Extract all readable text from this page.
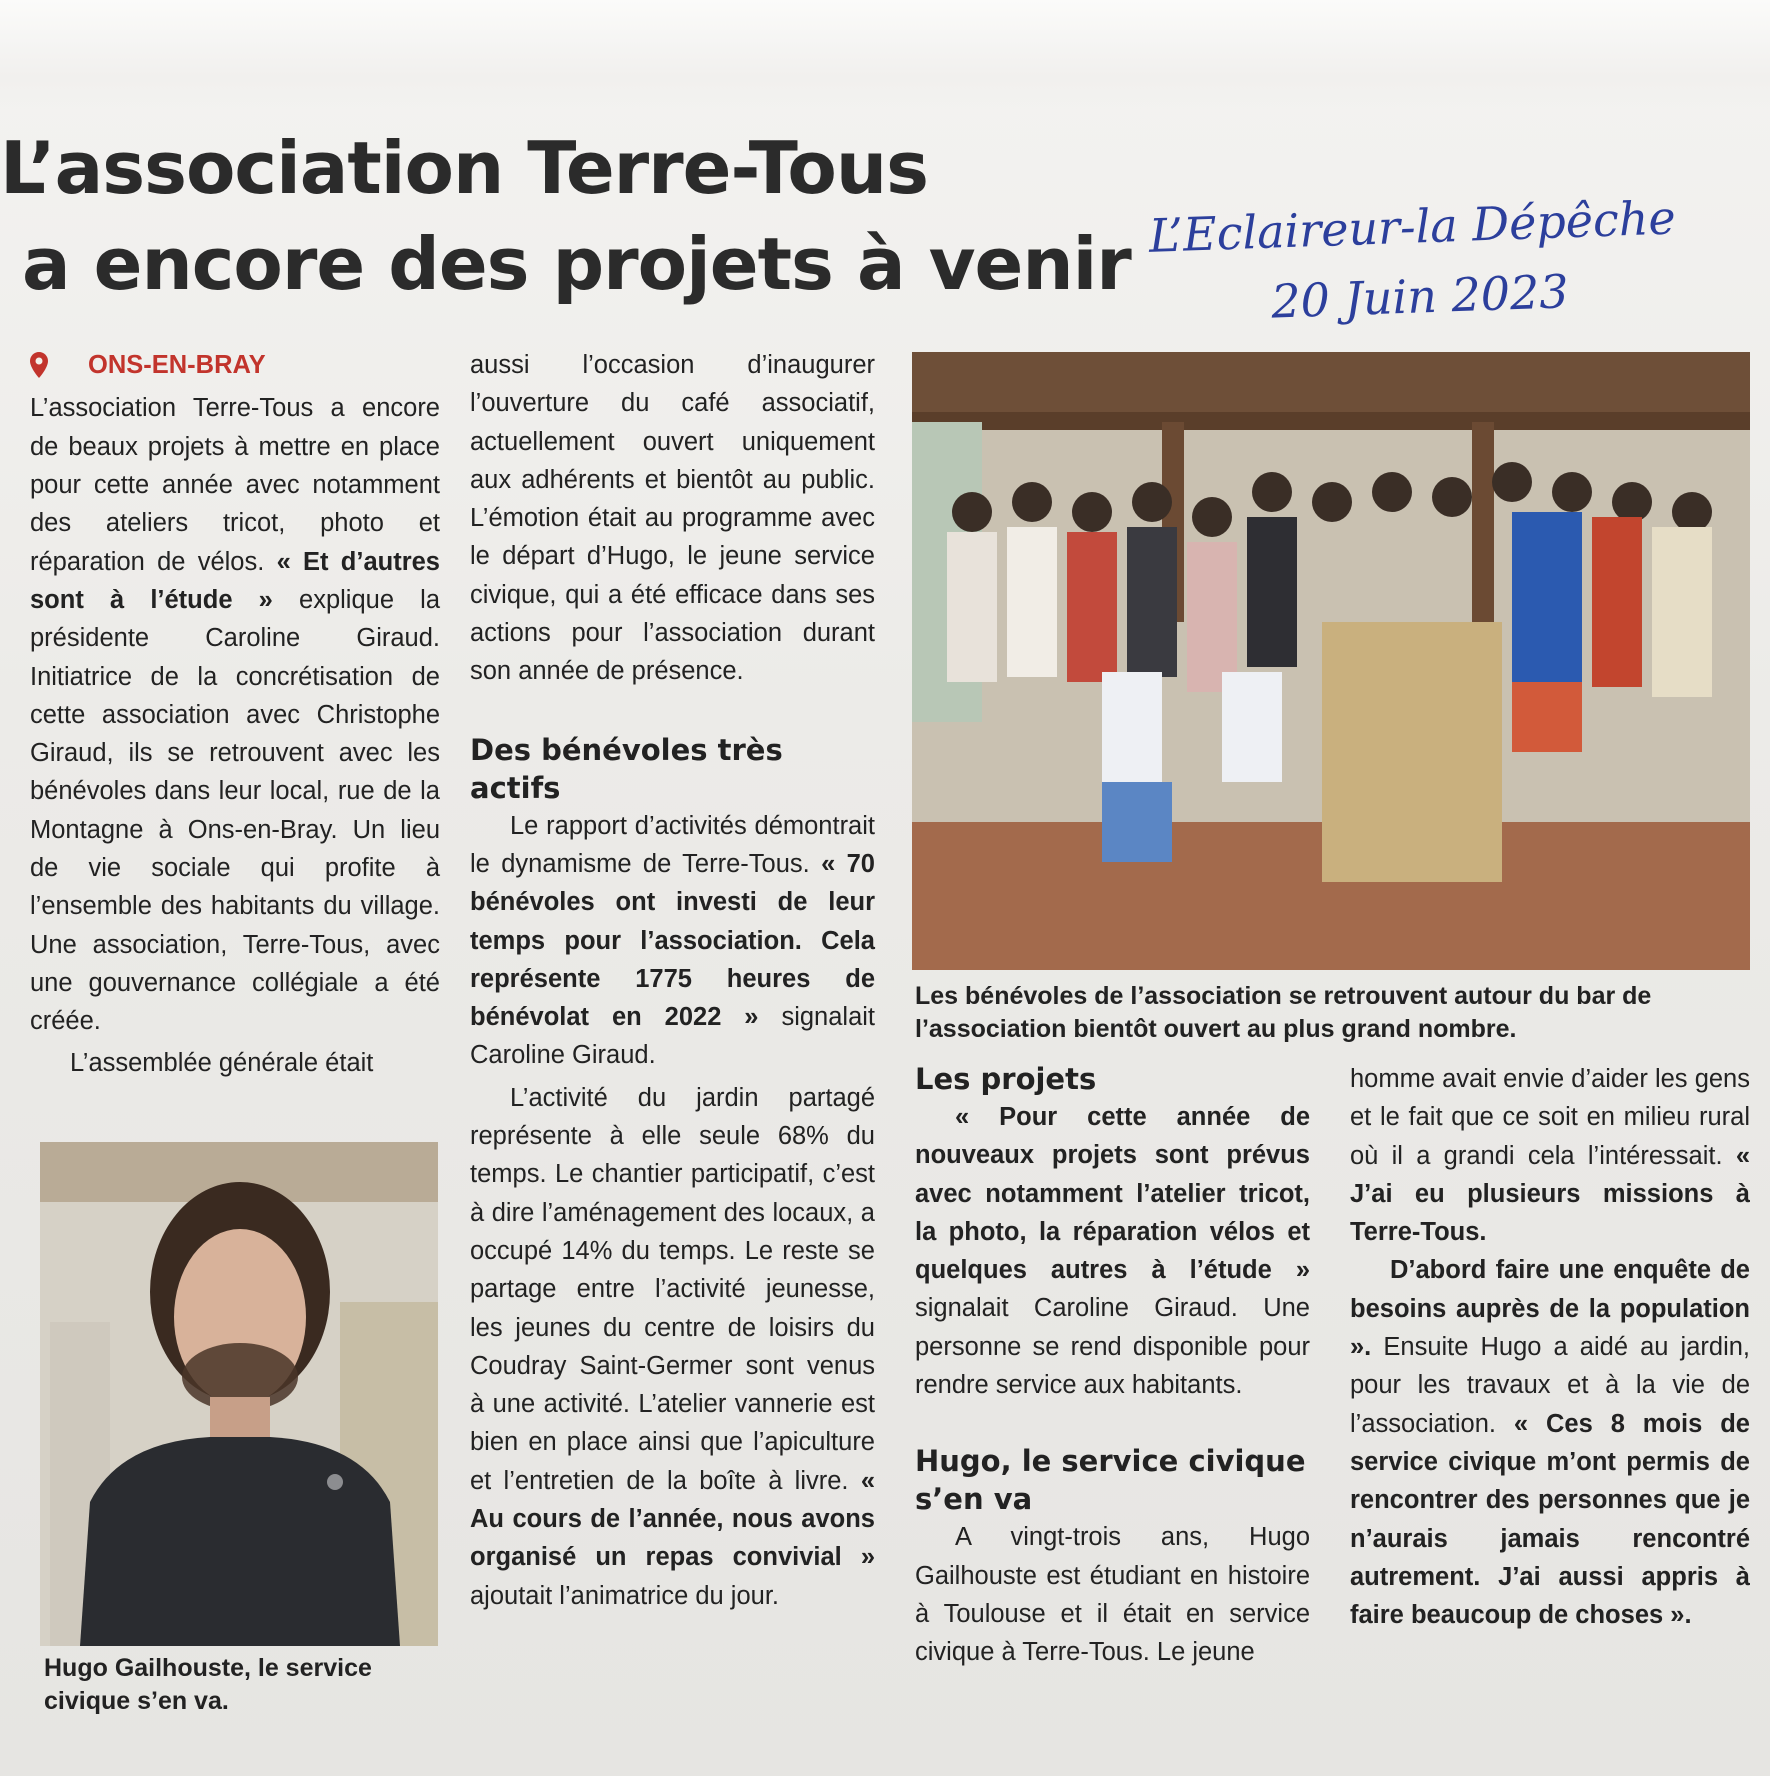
L’association Terre-Tous
a encore des projets à venir L’Eclaireur-la Dépêche
20 Juin 2023

ONS-EN-BRAY

L’association Terre-Tous a encore de beaux projets à mettre en place pour cette année avec notamment des ateliers tricot, photo et réparation de vélos. « Et d’autres sont à l’étude » explique la présidente Caroline Giraud. Initiatrice de la concrétisation de cette association avec Christophe Giraud, ils se retrouvent avec les bénévoles dans leur local, rue de la Montagne à Ons-en-Bray. Un lieu de vie sociale qui profite à l’ensemble des habitants du village. Une association, Terre-Tous, avec une gouvernance collégiale a été créée.

L’assemblée générale était

Hugo Gailhouste, le service civique s’en va.

aussi l’occasion d’inaugurer l’ouverture du café associatif, actuellement ouvert uniquement aux adhérents et bientôt au public. L’émotion était au programme avec le départ d’Hugo, le jeune service civique, qui a été efficace dans ses actions pour l’association durant son année de présence.

Des bénévoles très actifs

Le rapport d’activités démontrait le dynamisme de Terre-Tous. « 70 bénévoles ont investi de leur temps pour l’association. Cela représente 1775 heures de bénévolat en 2022 » signalait Caroline Giraud.

L’activité du jardin partagé représente à elle seule 68% du temps. Le chantier participatif, c’est à dire l’aménagement des locaux, a occupé 14% du temps. Le reste se partage entre l’activité jeunesse, les jeunes du centre de loisirs du Coudray Saint-Germer sont venus à une activité. L’atelier vannerie est bien en place ainsi que l’apiculture et l’entretien de la boîte à livre. « Au cours de l’année, nous avons organisé un repas convivial » ajoutait l’animatrice du jour.

Les bénévoles de l’association se retrouvent autour du bar de l’association bientôt ouvert au plus grand nombre.
Les projets

« Pour cette année de nouveaux projets sont prévus avec notamment l’atelier tricot, la photo, la réparation vélos et quelques autres à l’étude » signalait Caroline Giraud. Une personne se rend disponible pour rendre service aux habitants.

Hugo, le service civique s’en va

A vingt-trois ans, Hugo Gailhouste est étudiant en histoire à Toulouse et il était en service civique à Terre-Tous. Le jeune

homme avait envie d’aider les gens et le fait que ce soit en milieu rural où il a grandi cela l’intéressait. « J’ai eu plusieurs missions à Terre-Tous.

D’abord faire une enquête de besoins auprès de la population ». Ensuite Hugo a aidé au jardin, pour les travaux et à la vie de l’association. « Ces 8 mois de service civique m’ont permis de rencontrer des personnes que je n’aurais jamais rencontré autrement. J’ai aussi appris à faire beaucoup de choses ».
